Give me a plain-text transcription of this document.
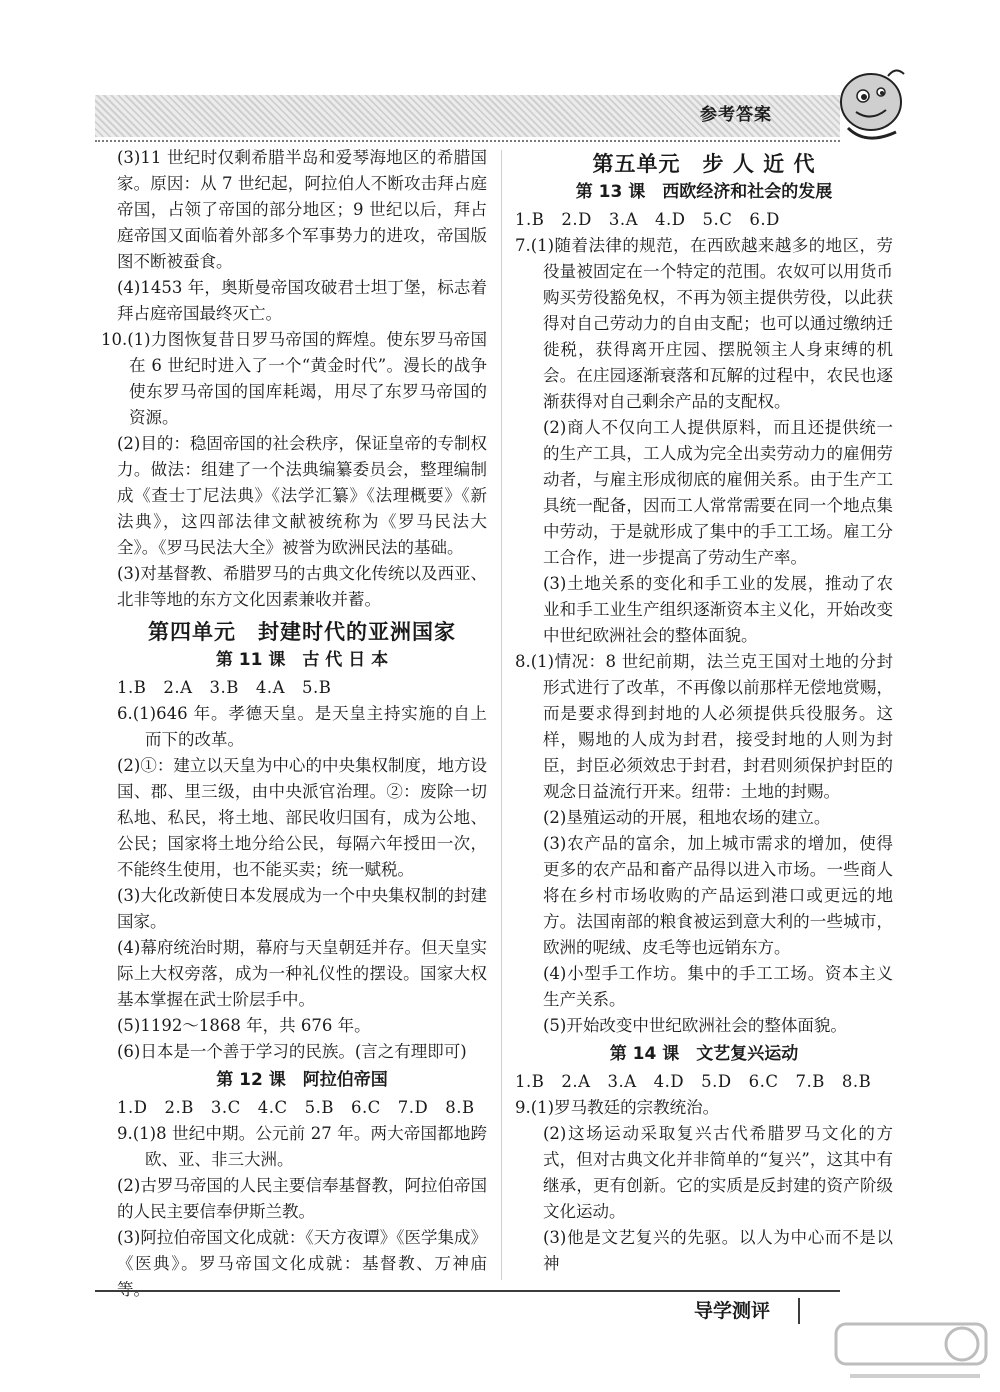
参考答案

(3)11 世纪时仅剩希腊半岛和爱琴海地区的希腊国家。原因：从 7 世纪起，阿拉伯人不断攻击拜占庭帝国，占领了帝国的部分地区；9 世纪以后，拜占庭帝国又面临着外部多个军事势力的进攻，帝国版图不断被蚕食。

(4)1453 年，奥斯曼帝国攻破君士坦丁堡，标志着拜占庭帝国最终灭亡。

10.(1)力图恢复昔日罗马帝国的辉煌。使东罗马帝国在 6 世纪时进入了一个“黄金时代”。漫长的战争使东罗马帝国的国库耗竭，用尽了东罗马帝国的资源。

(2)目的：稳固帝国的社会秩序，保证皇帝的专制权力。做法：组建了一个法典编纂委员会，整理编制成《查士丁尼法典》《法学汇纂》《法理概要》《新法典》，这四部法律文献被统称为《罗马民法大全》。《罗马民法大全》被誉为欧洲民法的基础。

(3)对基督教、希腊罗马的古典文化传统以及西亚、北非等地的东方文化因素兼收并蓄。

第四单元　封建时代的亚洲国家
第 11 课　古 代 日 本

1.B　2.A　3.B　4.A　5.B

6.(1)646 年。孝德天皇。是天皇主持实施的自上而下的改革。

(2)①：建立以天皇为中心的中央集权制度，地方设国、郡、里三级，由中央派官治理。②：废除一切私地、私民，将土地、部民收归国有，成为公地、公民；国家将土地分给公民，每隔六年授田一次，不能终生使用，也不能买卖；统一赋税。

(3)大化改新使日本发展成为一个中央集权制的封建国家。

(4)幕府统治时期，幕府与天皇朝廷并存。但天皇实际上大权旁落，成为一种礼仪性的摆设。国家大权基本掌握在武士阶层手中。

(5)1192～1868 年，共 676 年。

(6)日本是一个善于学习的民族。(言之有理即可)

第 12 课　阿拉伯帝国

1.D　2.B　3.C　4.C　5.B　6.C　7.D　8.B

9.(1)8 世纪中期。公元前 27 年。两大帝国都地跨欧、亚、非三大洲。

(2)古罗马帝国的人民主要信奉基督教，阿拉伯帝国的人民主要信奉伊斯兰教。

(3)阿拉伯帝国文化成就：《天方夜谭》《医学集成》《医典》。罗马帝国文化成就：基督教、万神庙等。

第五单元　步 人 近 代
第 13 课　西欧经济和社会的发展

1.B　2.D　3.A　4.D　5.C　6.D

7.(1)随着法律的规范，在西欧越来越多的地区，劳役量被固定在一个特定的范围。农奴可以用货币购买劳役豁免权，不再为领主提供劳役，以此获得对自己劳动力的自由支配；也可以通过缴纳迁徙税，获得离开庄园、摆脱领主人身束缚的机会。在庄园逐渐衰落和瓦解的过程中，农民也逐渐获得对自己剩余产品的支配权。

(2)商人不仅向工人提供原料，而且还提供统一的生产工具，工人成为完全出卖劳动力的雇佣劳动者，与雇主形成彻底的雇佣关系。由于生产工具统一配备，因而工人常常需要在同一个地点集中劳动，于是就形成了集中的手工工场。雇工分工合作，进一步提高了劳动生产率。

(3)土地关系的变化和手工业的发展，推动了农业和手工业生产组织逐渐资本主义化，开始改变中世纪欧洲社会的整体面貌。

8.(1)情况：8 世纪前期，法兰克王国对土地的分封形式进行了改革，不再像以前那样无偿地赏赐，而是要求得到封地的人必须提供兵役服务。这样，赐地的人成为封君，接受封地的人则为封臣，封臣必须效忠于封君，封君则须保护封臣的观念日益流行开来。纽带：土地的封赐。

(2)垦殖运动的开展，租地农场的建立。

(3)农产品的富余，加上城市需求的增加，使得更多的农产品和畜产品得以进入市场。一些商人将在乡村市场收购的产品运到港口或更远的地方。法国南部的粮食被运到意大利的一些城市，欧洲的呢绒、皮毛等也远销东方。

(4)小型手工作坊。集中的手工工场。资本主义生产关系。

(5)开始改变中世纪欧洲社会的整体面貌。

第 14 课　文艺复兴运动

1.B　2.A　3.A　4.D　5.D　6.C　7.B　8.B

9.(1)罗马教廷的宗教统治。

(2)这场运动采取复兴古代希腊罗马文化的方式，但对古典文化并非简单的“复兴”，这其中有继承，更有创新。它的实质是反封建的资产阶级文化运动。

(3)他是文艺复兴的先驱。以人为中心而不是以神

导学测评
